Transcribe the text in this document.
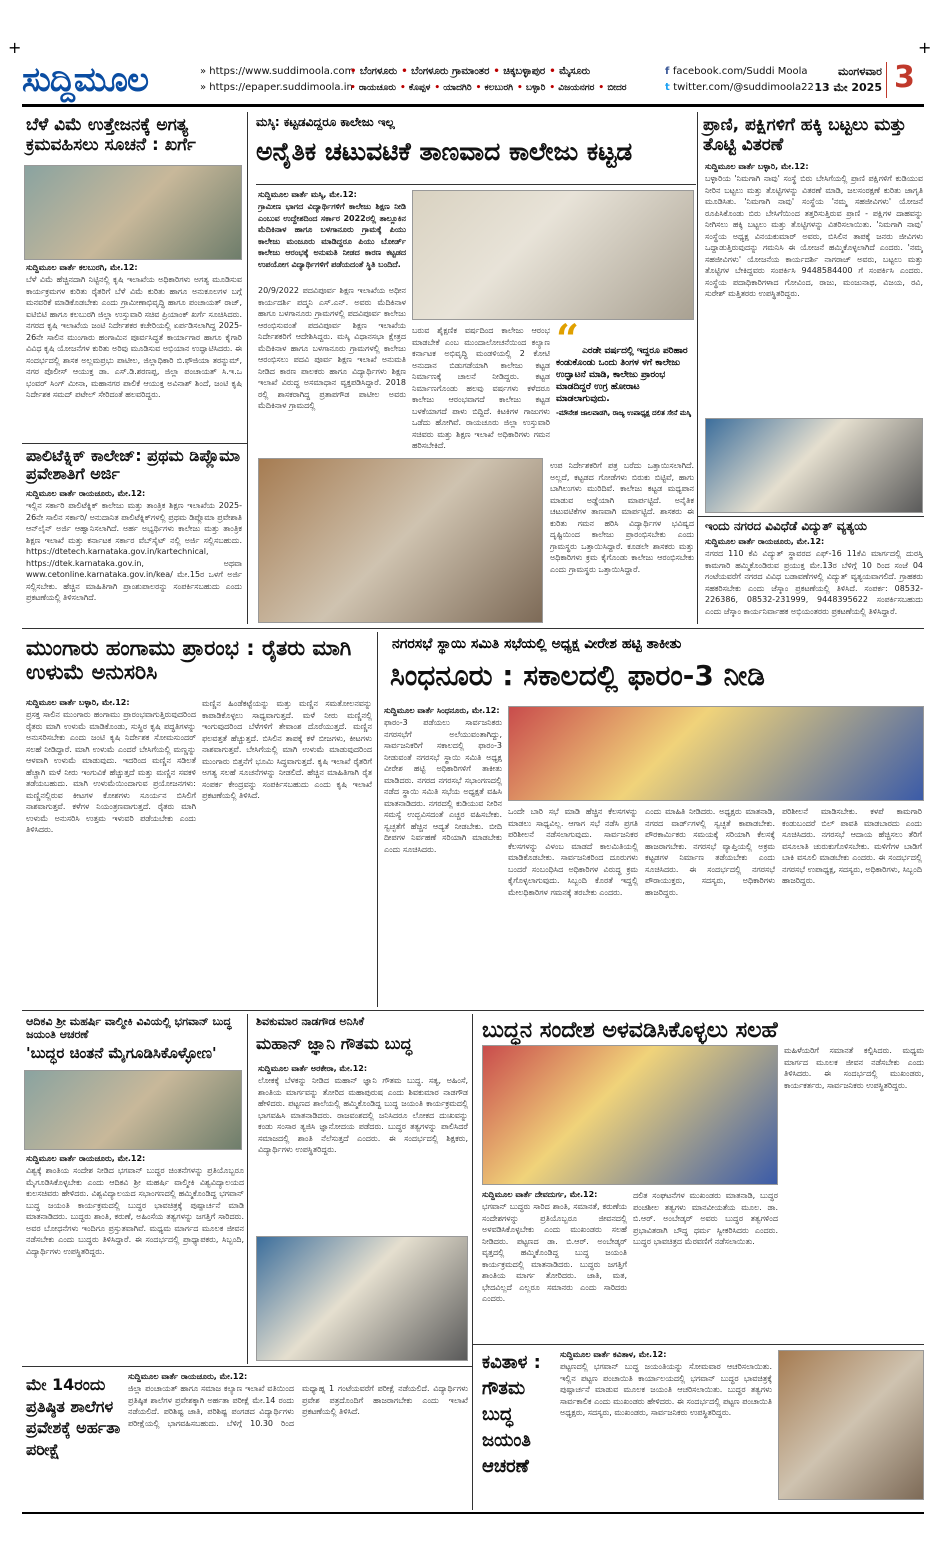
+	+
ಸುದ್ದಿಮೂಲ	» https://www.suddimoola.com
» https://epaper.suddimoola.in
• ಬೆಂಗಳೂರು • ಬೆಂಗಳೂರು ಗ್ರಾಮಾಂತರ • ಚಿಕ್ಕಬಳ್ಳಾಪುರ • ಮೈಸೂರು
• ರಾಯಚೂರು • ಕೊಪ್ಪಳ • ಯಾದಗಿರಿ • ಕಲಬುರಗಿ • ಬಳ್ಳಾರಿ • ವಿಜಯನಗರ • ಬೀದರ
f facebook.com/Suddi Moola
t twitter.com/@suddimoola22
ಮಂಗಳವಾರ
13 ಮೇ 2025 3
ಬೆಳೆ ವಿಮೆ ಉತ್ತೇಜನಕ್ಕೆ ಅಗತ್ಯ ಕ್ರಮವಹಿಸಲು ಸೂಚನೆ : ಖರ್ಗೆ
ಸುದ್ದಿಮೂಲ ವಾರ್ತೆ ಕಲಬುರಗಿ, ಮೇ.12:
ಬೆಳೆ ವಿಮೆ ಹೆಚ್ಚಿನದಾಗಿ ನಿಟ್ಟಿನಲ್ಲಿ ಕೃಷಿ ಇಲಾಖೆಯ ಅಧಿಕಾರಿಗಳು ಅಗತ್ಯ ಮೂಡಿಸುವ ಕಾರ್ಯಕ್ರಮಗಳ ಕುರಿತು ರೈತರಿಗೆ ಬೆಳೆ ವಿಮೆ ಕುರಿತು ಹಾಗೂ ಅನುಕೂಲಗಳ ಬಗ್ಗೆ ಮನವರಿಕೆ ಮಾಡಿಕೊಡಬೇಕು ಎಂದು ಗ್ರಾಮೀಣಾಭಿವೃದ್ಧಿ ಹಾಗೂ ಪಂಚಾಯತ್ ರಾಜ್, ಐಟಿಬಿಟಿ ಹಾಗೂ ಕಲಬುರಗಿ ಜಿಲ್ಲಾ ಉಸ್ತುವಾರಿ ಸಚಿವ ಪ್ರಿಯಾಂಕ್ ಖರ್ಗೆ ಸೂಚಿಸಿದರು. ನಗರದ ಕೃಷಿ ಇಲಾಖೆಯ ಜಂಟಿ ನಿರ್ದೇಶಕರ ಕಚೇರಿಯಲ್ಲಿ ಏರ್ಪಡಿಸಲಾಗಿದ್ದ 2025-26ನೇ ಸಾಲಿನ ಮುಂಗಾರು ಹಂಗಾಮಿನ ಪೂರ್ವಸಿದ್ಧತೆ ಕಾರ್ಯಾಗಾರ ಹಾಗೂ ಕೈಗಾರಿ ವಿವಿಧ ಕೃಷಿ ಯೋಜನೆಗಳ ಕುರಿತು ಅರಿವು ಮೂಡಿಸುವ ಅಭಿಯಾನ ಉದ್ಘಾಟಿಸಿದರು. ಈ ಸಂದರ್ಭದಲ್ಲಿ ಶಾಸಕ ಅಲ್ಲಮಪ್ರಭು ಪಾಟೀಲ, ಜಿಲ್ಲಾಧಿಕಾರಿ ಬಿ.ಫೌಜಿಯಾ ತರನ್ನುಮ್, ನಗರ ಪೊಲೀಸ್ ಆಯುಕ್ತ ಡಾ. ಎಸ್.ಡಿ.ಶರಣಪ್ಪ, ಜಿಲ್ಲಾ ಪಂಚಾಯತ್ ಸಿ.ಇ.ಒ ಭಂವರ್ ಸಿಂಗ್ ಮೀನಾ, ಮಹಾನಗರ ಪಾಲಿಕೆ ಆಯುಕ್ತ ಅವಿನಾಶ್ ಶಿಂದೆ, ಜಂಟಿ ಕೃಷಿ ನಿರ್ದೇಶಕ ಸಮದ್ ಪಟೇಲ್ ಸೇರಿದಂತೆ ಹಲವರಿದ್ದರು.
ಪಾಲಿಟೆಕ್ನಿಕ್ ಕಾಲೇಜ್: ಪ್ರಥಮ ಡಿಪ್ಲೊಮಾ ಪ್ರವೇಶಾತಿಗೆ ಅರ್ಜಿ
ಸುದ್ದಿಮೂಲ ವಾರ್ತೆ ರಾಯಚೂರು, ಮೇ.12:
ಇಲ್ಲಿನ ಸರ್ಕಾರಿ ಪಾಲಿಟೆಕ್ನಿಕ್ ಕಾಲೇಜು ಮತ್ತು ತಾಂತ್ರಿಕ ಶಿಕ್ಷಣ ಇಲಾಖೆಯ 2025-26ನೇ ಸಾಲಿನ ಸರ್ಕಾರಿ/ ಅನುದಾನಿತ ಪಾಲಿಟೆಕ್ನಿಕ್‌ಗಳಲ್ಲಿ ಪ್ರಥಮ ಡಿಪ್ಲೊಮಾ ಪ್ರವೇಶಾತಿ ಆನ್‌ಲೈನ್ ಅರ್ಜಿ ಆಹ್ವಾನಿಸಲಾಗಿದೆ. ಅರ್ಹ ಅಭ್ಯರ್ಥಿಗಳು ಕಾಲೇಜು ಮತ್ತು ತಾಂತ್ರಿಕ ಶಿಕ್ಷಣ ಇಲಾಖೆ ಮತ್ತು ಕರ್ನಾಟಕ ಸರ್ಕಾರ ವೆಬ್‌ಸೈಟ್‌ ನಲ್ಲಿ ಅರ್ಜಿ ಸಲ್ಲಿಸಬಹುದು. https://dtetech.karnataka.gov.in/kartechnical, https://dtek.karnataka.gov.in, ಅಥವಾ www.cetonline.karnataka.gov.in/kea/ ಮೇ.15ರ ಒಳಗೆ ಅರ್ಜಿ ಸಲ್ಲಿಸಬೇಕು. ಹೆಚ್ಚಿನ ಮಾಹಿತಿಗಾಗಿ ಪ್ರಾಂಶುಪಾಲರನ್ನು ಸಂಪರ್ಕಿಸಬಹುದು ಎಂದು ಪ್ರಕಟಣೆಯಲ್ಲಿ ತಿಳಿಸಲಾಗಿದೆ.
ಮಸ್ಕಿ: ಕಟ್ಟಡವಿದ್ದರೂ ಕಾಲೇಜು ಇಲ್ಲ
ಅನೈತಿಕ ಚಟುವಟಿಕೆ ತಾಣವಾದ ಕಾಲೇಜು ಕಟ್ಟಡ
ಸುದ್ದಿಮೂಲ ವಾರ್ತೆ ಮಸ್ಕಿ, ಮೇ.12:
ಗ್ರಾಮೀಣ ಭಾಗದ ವಿದ್ಯಾರ್ಥಿಗಳಿಗೆ ಕಾಲೇಜು ಶಿಕ್ಷಣ ನೀಡಿ ಎಂಬುವ ಉದ್ದೇಶದಿಂದ ಸರ್ಕಾರ 2022ರಲ್ಲಿ ತಾಲ್ಲೂಕಿನ ಮೆದಿಕಿನಾಳ ಹಾಗೂ ಬಳಗಾನೂರು ಗ್ರಾಮಕ್ಕೆ ಪಿಯು ಕಾಲೇಜು ಮಂಜೂರು ಮಾಡಿದ್ದರೂ ಪಿಯು ಬೋರ್ಡ್ ಕಾಲೇಜು ಆರಂಭಕ್ಕೆ ಅನುಮತಿ ನೀಡದ ಕಾರಣ ಕಟ್ಟಡದ ಉಪಯೋಗ ವಿದ್ಯಾರ್ಥಿಗಳಿಗೆ ಪಡೆಯದಂತೆ ಸ್ಥಿತಿ ಬಂದಿದೆ.
20/9/2022 ಪದವಿಪೂರ್ವ ಶಿಕ್ಷಣ ಇಲಾಖೆಯ ಅಧೀನ ಕಾರ್ಯದರ್ಶಿ ಪದ್ಮನಿ ಎಸ್.ಎನ್. ಅವರು ಮೆದಿಕಿನಾಳ ಹಾಗೂ ಬಳಗಾನೂರು ಗ್ರಾಮಗಳಲ್ಲಿ ಪದವಿಪೂರ್ವ ಕಾಲೇಜು ಆರಂಭಿಸುವಂತೆ ಪದವಿಪೂರ್ವ ಶಿಕ್ಷಣ ಇಲಾಖೆಯ ನಿರ್ದೇಶಕರಿಗೆ ಆದೇಶಿಸಿದ್ದರು. ಮಸ್ಕಿ ವಿಧಾನಸಭಾ ಕ್ಷೇತ್ರದ ಮೆದಿಕಿನಾಳ ಹಾಗೂ ಬಳಗಾನೂರು ಗ್ರಾಮಗಳಲ್ಲಿ ಕಾಲೇಜು ಆರಂಭಿಸಲು ಪದವಿ ಪೂರ್ವ ಶಿಕ್ಷಣ ಇಲಾಖೆ ಅನುಮತಿ ನೀಡಿದ ಕಾರಣ ಪಾಲಕರು ಹಾಗೂ ವಿದ್ಯಾರ್ಥಿಗಳು ಶಿಕ್ಷಣ ಇಲಾಖೆ ವಿರುದ್ಧ ಅಸಮಾಧಾನ ವ್ಯಕ್ತಪಡಿಸಿದ್ದಾರೆ. 2018 ರಲ್ಲಿ ಶಾಸಕರಾಗಿದ್ದ ಪ್ರತಾಪಗೌಡ ಪಾಟೀಲ ಅವರು ಮೆದಿಕಿನಾಳ ಗ್ರಾಮದಲ್ಲಿ
ಬರುವ ಶೈಕ್ಷಣಿಕ ವರ್ಷದಿಂದ ಕಾಲೇಜು ಆರಂಭ ಮಾಡಬೇಕೆ ಎಂಬ ಮುಂದಾಲೋಚನೆಯಿಂದ ಕಲ್ಯಾಣ ಕರ್ನಾಟಕ ಅಭಿವೃದ್ಧಿ ಮಂಡಳಿಯಲ್ಲಿ 2 ಕೋಟಿ ಅನುದಾನ ಬಿಡುಗಡೆಯಾಗಿ ಕಾಲೇಜು ಕಟ್ಟಡ ನಿರ್ಮಾಣಕ್ಕೆ ಚಾಲನೆ ನೀಡಿದ್ದರು. ಕಟ್ಟಡ ನಿರ್ಮಾಣಗೊಂಡು ಹಲವು ವರ್ಷಗಳು ಕಳೆದರೂ ಕಾಲೇಜು ಆರಂಭವಾಗದೆ ಕಾಲೇಜು ಕಟ್ಟಡ ಬಳಕೆಯಾಗದೆ ಪಾಳು ಬಿದ್ದಿದೆ. ಕಿಟಕಿಗಳ ಗಾಜುಗಳು ಒಡೆದು ಹೋಗಿವೆ. ರಾಯಚೂರು ಜಿಲ್ಲಾ ಉಸ್ತುವಾರಿ ಸಚಿವರು ಮತ್ತು ಶಿಕ್ಷಣ ಇಲಾಖೆ ಅಧಿಕಾರಿಗಳು ಗಮನ ಹರಿಸಬೇಕಿದೆ.
“ ಎರಡೇ ವರ್ಷದಲ್ಲಿ ಇದ್ದರೂ ಪರಿಹಾರ ಕಂಡುಕೊಂಡು ಒಂದು ತಿಂಗಳ ಳಗೆ ಕಾಲೇಜು ಉದ್ಘಾಟನೆ ಮಾಡಿ, ಕಾಲೇಜು ಪ್ರಾರಂಭ ಮಾಡದಿದ್ದರೆ ಉಗ್ರ ಹೋರಾಟ ಮಾಡಲಾಗುವುದು.
-ಮೌನೇಶ ಜಾಲವಾಡಗಿ, ರಾಜ್ಯ ಉಪಾಧ್ಯಕ್ಷ ದಲಿತ ಸೇನೆ ಮಸ್ಕಿ
ಉಪ ನಿರ್ದೇಶಕರಿಗೆ ಪತ್ರ ಬರೆದು ಒತ್ತಾಯಿಸಲಾಗಿದೆ. ಅಲ್ಲದೆ, ಕಟ್ಟಡದ ಗೋಡೆಗಳು ಬಿರುಕು ಬಿಟ್ಟಿವೆ, ಹಾಗು ಬಾಗಿಲುಗಳು ಮುರಿದಿವೆ. ಕಾಲೇಜು ಕಟ್ಟಡ ಮಧ್ಯಪಾನ ಮಾಡುವ ಅಡ್ಡೆಯಾಗಿ ಮಾರ್ಪಟ್ಟಿದೆ. ಅನೈತಿಕ ಚಟುವಟಿಕೆಗಳ ತಾಣವಾಗಿ ಮಾರ್ಪಟ್ಟಿದೆ. ಶಾಸಕರು ಈ ಕುರಿತು ಗಮನ ಹರಿಸಿ ವಿದ್ಯಾರ್ಥಿಗಳ ಭವಿಷ್ಯದ ದೃಷ್ಟಿಯಿಂದ ಕಾಲೇಜು ಪ್ರಾರಂಭಿಸಬೇಕು ಎಂದು ಗ್ರಾಮಸ್ಥರು ಒತ್ತಾಯಿಸಿದ್ದಾರೆ. ಕೂಡಲೇ ಶಾಸಕರು ಮತ್ತು ಅಧಿಕಾರಿಗಳು ಕ್ರಮ ಕೈಗೊಂಡು ಕಾಲೇಜು ಆರಂಭಿಸಬೇಕು ಎಂದು ಗ್ರಾಮಸ್ಥರು ಒತ್ತಾಯಿಸಿದ್ದಾರೆ.
ಪ್ರಾಣಿ, ಪಕ್ಷಿಗಳಿಗೆ ಹಕ್ಕಿ ಬಟ್ಟಲು ಮತ್ತು ತೊಟ್ಟಿ ವಿತರಣೆ
ಸುದ್ದಿಮೂಲ ವಾರ್ತೆ ಬಳ್ಳಾರಿ, ಮೇ.12:
ಬಳ್ಳಾರಿಯ 'ನಿಮಗಾಗಿ ನಾವು' ಸಂಸ್ಥೆ ಬಿರು ಬೇಸಿಗೆಯಲ್ಲಿ ಪ್ರಾಣಿ ಪಕ್ಷಿಗಳಿಗೆ ಕುಡಿಯುವ ನೀರಿನ ಬಟ್ಟಲು ಮತ್ತು ತೊಟ್ಟಿಗಳನ್ನು ವಿತರಣೆ ಮಾಡಿ, ಜಲಸಂರಕ್ಷಣೆ ಕುರಿತು ಜಾಗೃತಿ ಮೂಡಿಸಿತು. 'ನಿಮಗಾಗಿ ನಾವು' ಸಂಸ್ಥೆಯ 'ನಮ್ಮ ಸಹಜೀವಿಗಳು' ಯೋಜನೆ ರೂಪಿಸಿಕೊಂಡು ಬಿರು ಬೇಸಿಗೆಯಿಂದ ತತ್ತರಿಸುತ್ತಿರುವ ಪ್ರಾಣಿ - ಪಕ್ಷಿಗಳ ದಾಹವನ್ನು ನೀಗಿಸಲು ಹಕ್ಕಿ ಬಟ್ಟಲು ಮತ್ತು ತೊಟ್ಟಿಗಳನ್ನು ವಿತರಿಸಲಾಯಿತು. 'ನಿಮಗಾಗಿ ನಾವು' ಸಂಸ್ಥೆಯ ಅಧ್ಯಕ್ಷ ವಿನಯಕುಮಾರ್ ಅವರು, ಬಿಸಿಲಿನ ತಾಪಕ್ಕೆ ಜನರು ಜೀವಿಗಳು ಒದ್ದಾಡುತ್ತಿರುವುದನ್ನು ಗಮನಿಸಿ ಈ ಯೋಜನೆ ಹಮ್ಮಿಕೊಳ್ಳಲಾಗಿದೆ ಎಂದರು. 'ನಮ್ಮ ಸಹಜೀವಿಗಳು' ಯೋಜನೆಯ ಕಾರ್ಯದರ್ಶಿ ನಾಗರಾಜ್ ಅವರು, ಬಟ್ಟಲು ಮತ್ತು ತೊಟ್ಟಿಗಳ ಬೇಕಿದ್ದವರು ಸಂಪರ್ಕಿಸಿ 9448584400 ಗೆ ಸಂಪರ್ಕಿಸಿ ಎಂದರು. ಸಂಸ್ಥೆಯ ಪದಾಧಿಕಾರಿಗಳಾದ ಗೋವಿಂದ, ರಾಜು, ಮಂಜುನಾಥ, ವಿಜಯ, ರವಿ, ಸುರೇಶ್ ಮತ್ತಿತರರು ಉಪಸ್ಥಿತರಿದ್ದರು.
ಇಂದು ನಗರದ ವಿವಿಧೆಡೆ ವಿದ್ಯುತ್ ವ್ಯತ್ಯಯ
ಸುದ್ದಿಮೂಲ ವಾರ್ತೆ ರಾಯಚೂರು, ಮೇ.12:
ನಗರದ 110 ಕೆವಿ ವಿದ್ಯುತ್ ಸ್ಥಾವರದ ಎಫ್-16 11ಕೆವಿ ಮಾರ್ಗದಲ್ಲಿ ದುರಸ್ತಿ ಕಾಮಗಾರಿ ಹಮ್ಮಿಕೊಂಡಿರುವ ಪ್ರಯುಕ್ತ ಮೇ.13ರ ಬೆಳಿಗ್ಗೆ 10 ರಿಂದ ಸಂಜೆ 04 ಗಂಟೆಯವರೆಗೆ ನಗರದ ವಿವಿಧ ಬಡಾವಣೆಗಳಲ್ಲಿ ವಿದ್ಯುತ್ ವ್ಯತ್ಯಯವಾಗಲಿದೆ. ಗ್ರಾಹಕರು ಸಹಕರಿಸಬೇಕು ಎಂದು ಜೆಸ್ಕಾಂ ಪ್ರಕಟಣೆಯಲ್ಲಿ ತಿಳಿಸಿದೆ. ಸಂಪರ್ಕ: 08532-226386, 08532-231999, 9448395622 ಸಂಪರ್ಕಿಸಬಹುದು ಎಂದು ಜೆಸ್ಕಾಂ ಕಾರ್ಯನಿರ್ವಾಹಕ ಅಭಿಯಂತರರು ಪ್ರಕಟಣೆಯಲ್ಲಿ ತಿಳಿಸಿದ್ದಾರೆ.
ಮುಂಗಾರು ಹಂಗಾಮು ಪ್ರಾರಂಭ : ರೈತರು ಮಾಗಿ ಉಳುಮೆ ಅನುಸರಿಸಿ
ಸುದ್ದಿಮೂಲ ವಾರ್ತೆ ಬಳ್ಳಾರಿ, ಮೇ.12:
ಪ್ರಸಕ್ತ ಸಾಲಿನ ಮುಂಗಾರು ಹಂಗಾಮು ಪ್ರಾರಂಭವಾಗುತ್ತಿರುವುದರಿಂದ ರೈತರು ಮಾಗಿ ಉಳುಮೆ ಮಾಡಿಕೊಂಡು, ಸುಸ್ಥಿರ ಕೃಷಿ ಪದ್ಧತಿಗಳನ್ನು ಅನುಸರಿಸಬೇಕು ಎಂದು ಜಂಟಿ ಕೃಷಿ ನಿರ್ದೇಶಕ ಸೋಮಸುಂದರ್ ಸಲಹೆ ನೀಡಿದ್ದಾರೆ. ಮಾಗಿ ಉಳುಮೆ ಎಂದರೆ ಬೇಸಿಗೆಯಲ್ಲಿ ಮಣ್ಣನ್ನು ಆಳವಾಗಿ ಉಳುಮೆ ಮಾಡುವುದು. ಇದರಿಂದ ಮಣ್ಣಿನ ಸಡಿಲತೆ ಹೆಚ್ಚಾಗಿ ಮಳೆ ನೀರು ಇಂಗುವಿಕೆ ಹೆಚ್ಚುತ್ತದೆ ಮತ್ತು ಮಣ್ಣಿನ ಸವಕಳಿ ತಡೆಯಬಹುದು. ಮಾಗಿ ಉಳುಮೆಯಿಂದಾಗುವ ಪ್ರಯೋಜನಗಳು: ಮಣ್ಣಿನಲ್ಲಿರುವ ಕೀಟಗಳ ಕೋಶಗಳು ಸೂರ್ಯನ ಬಿಸಿಲಿಗೆ ನಾಶವಾಗುತ್ತವೆ. ಕಳೆಗಳ ನಿಯಂತ್ರಣವಾಗುತ್ತದೆ. ರೈತರು ಮಾಗಿ ಉಳುಮೆ ಅನುಸರಿಸಿ ಉತ್ತಮ ಇಳುವರಿ ಪಡೆಯಬೇಕು ಎಂದು ತಿಳಿಸಿದರು.
ಮಣ್ಣಿನ ಹಿಂಡೆಕಟ್ಟೆಯನ್ನು ಮತ್ತು ಮಣ್ಣಿನ ಸಮತೋಲನವನ್ನು ಕಾಪಾಡಿಕೊಳ್ಳಲು ಸಾಧ್ಯವಾಗುತ್ತದೆ. ಮಳೆ ನೀರು ಮಣ್ಣಿನಲ್ಲಿ ಇಂಗುವುದರಿಂದ ಬೆಳೆಗಳಿಗೆ ತೇವಾಂಶ ದೊರೆಯುತ್ತದೆ. ಮಣ್ಣಿನ ಫಲವತ್ತತೆ ಹೆಚ್ಚುತ್ತದೆ. ಬಿಸಿಲಿನ ತಾಪಕ್ಕೆ ಕಳೆ ಬೀಜಗಳು, ಕೀಟಗಳು ನಾಶವಾಗುತ್ತವೆ. ಬೇಸಿಗೆಯಲ್ಲಿ ಮಾಗಿ ಉಳುಮೆ ಮಾಡುವುದರಿಂದ ಮುಂಗಾರು ಬಿತ್ತನೆಗೆ ಭೂಮಿ ಸಿದ್ಧವಾಗುತ್ತದೆ. ಕೃಷಿ ಇಲಾಖೆ ರೈತರಿಗೆ ಅಗತ್ಯ ಸಲಹೆ ಸೂಚನೆಗಳನ್ನು ನೀಡಲಿದೆ. ಹೆಚ್ಚಿನ ಮಾಹಿತಿಗಾಗಿ ರೈತ ಸಂಪರ್ಕ ಕೇಂದ್ರವನ್ನು ಸಂಪರ್ಕಿಸಬಹುದು ಎಂದು ಕೃಷಿ ಇಲಾಖೆ ಪ್ರಕಟಣೆಯಲ್ಲಿ ತಿಳಿಸಿದೆ.
ನಗರಸಭೆ ಸ್ಥಾಯಿ ಸಮಿತಿ ಸಭೆಯಲ್ಲಿ ಅಧ್ಯಕ್ಷ ವೀರೇಶ ಹಟ್ಟಿ ತಾಕೀತು
ಸಿಂಧನೂರು : ಸಕಾಲದಲ್ಲಿ ಫಾರಂ-3 ನೀಡಿ
ಸುದ್ದಿಮೂಲ ವಾರ್ತೆ ಸಿಂಧನೂರು, ಮೇ.12:
ಫಾರಂ-3 ಪಡೆಯಲು ಸಾರ್ವಜನಿಕರು ನಗರಸಭೆಗೆ ಅಲೆಯುವಂತಾಗಿದ್ದು, ಸಾರ್ವಜನಿಕರಿಗೆ ಸಕಾಲದಲ್ಲಿ ಫಾರಂ-3 ನೀಡುವಂತೆ ನಗರಸಭೆ ಸ್ಥಾಯಿ ಸಮಿತಿ ಅಧ್ಯಕ್ಷ ವೀರೇಶ ಹಟ್ಟಿ ಅಧಿಕಾರಿಗಳಿಗೆ ತಾಕೀತು ಮಾಡಿದರು. ನಗರದ ನಗರಸಭೆ ಸಭಾಂಗಣದಲ್ಲಿ ನಡೆದ ಸ್ಥಾಯಿ ಸಮಿತಿ ಸಭೆಯ ಅಧ್ಯಕ್ಷತೆ ವಹಿಸಿ ಮಾತನಾಡಿದರು. ನಗರದಲ್ಲಿ ಕುಡಿಯುವ ನೀರಿನ ಸಮಸ್ಯೆ ಉದ್ಭವಿಸದಂತೆ ಎಚ್ಚರ ವಹಿಸಬೇಕು. ಸ್ವಚ್ಛತೆಗೆ ಹೆಚ್ಚಿನ ಆದ್ಯತೆ ನೀಡಬೇಕು. ಬೀದಿ ದೀಪಗಳ ನಿರ್ವಹಣೆ ಸರಿಯಾಗಿ ಮಾಡಬೇಕು ಎಂದು ಸೂಚಿಸಿದರು.
ಒಂದೇ ಬಾರಿ ಸಭೆ ಮಾಡಿ ಹೆಚ್ಚಿನ ಕೆಲಸಗಳನ್ನು ಮಾಡಲು ಸಾಧ್ಯವಿಲ್ಲ. ಆಗಾಗ ಸಭೆ ನಡೆಸಿ ಪ್ರಗತಿ ಪರಿಶೀಲನೆ ನಡೆಸಲಾಗುವುದು. ಸಾರ್ವಜನಿಕರ ಕೆಲಸಗಳನ್ನು ವಿಳಂಬ ಮಾಡದೆ ಕಾಲಮಿತಿಯಲ್ಲಿ ಮಾಡಿಕೊಡಬೇಕು. ಸಾರ್ವಜನಿಕರಿಂದ ದೂರುಗಳು ಬಂದರೆ ಸಂಬಂಧಿಸಿದ ಅಧಿಕಾರಿಗಳ ವಿರುದ್ಧ ಕ್ರಮ ಕೈಗೊಳ್ಳಲಾಗುವುದು. ಸಿಬ್ಬಂದಿ ಕೊರತೆ ಇದ್ದಲ್ಲಿ ಮೇಲಧಿಕಾರಿಗಳ ಗಮನಕ್ಕೆ ತರಬೇಕು ಎಂದರು.
ಎಂದು ಮಾಹಿತಿ ನೀಡಿದರು. ಅಧ್ಯಕ್ಷರು ಮಾತನಾಡಿ, ನಗರದ ವಾರ್ಡ್‌ಗಳಲ್ಲಿ ಸ್ವಚ್ಛತೆ ಕಾಪಾಡಬೇಕು. ಪೌರಕಾರ್ಮಿಕರು ಸಮಯಕ್ಕೆ ಸರಿಯಾಗಿ ಕೆಲಸಕ್ಕೆ ಹಾಜರಾಗಬೇಕು. ನಗರಸಭೆ ವ್ಯಾಪ್ತಿಯಲ್ಲಿ ಅಕ್ರಮ ಕಟ್ಟಡಗಳ ನಿರ್ಮಾಣ ತಡೆಯಬೇಕು ಎಂದು ಸೂಚಿಸಿದರು. ಈ ಸಂದರ್ಭದಲ್ಲಿ ನಗರಸಭೆ ಪೌರಾಯುಕ್ತರು, ಸದಸ್ಯರು, ಅಧಿಕಾರಿಗಳು ಹಾಜರಿದ್ದರು.
ಪರಿಶೀಲನೆ ಮಾಡಿಸಬೇಕು. ಕಳಪೆ ಕಾಮಗಾರಿ ಕಂಡುಬಂದರೆ ಬಿಲ್ ಪಾವತಿ ಮಾಡಬಾರದು ಎಂದು ಸೂಚಿಸಿದರು. ನಗರಸಭೆ ಆದಾಯ ಹೆಚ್ಚಿಸಲು ತೆರಿಗೆ ವಸೂಲಾತಿ ಚುರುಕುಗೊಳಿಸಬೇಕು. ಮಳಿಗೆಗಳ ಬಾಡಿಗೆ ಬಾಕಿ ವಸೂಲಿ ಮಾಡಬೇಕು ಎಂದರು. ಈ ಸಂದರ್ಭದಲ್ಲಿ ನಗರಸಭೆ ಉಪಾಧ್ಯಕ್ಷ, ಸದಸ್ಯರು, ಅಧಿಕಾರಿಗಳು, ಸಿಬ್ಬಂದಿ ಹಾಜರಿದ್ದರು.
ಆದಿಕವಿ ಶ್ರೀ ಮಹರ್ಷಿ ವಾಲ್ಮೀಕಿ ವಿವಿಯಲ್ಲಿ ಭಗವಾನ್ ಬುದ್ಧ ಜಯಂತಿ ಆಚರಣೆ
'ಬುದ್ಧರ ಚಿಂತನೆ ಮೈಗೂಡಿಸಿಕೊಳ್ಳೋಣ'
ಸುದ್ದಿಮೂಲ ವಾರ್ತೆ ರಾಯಚೂರು, ಮೇ.12:
ವಿಶ್ವಕ್ಕೆ ಶಾಂತಿಯ ಸಂದೇಶ ನೀಡಿದ ಭಗವಾನ್ ಬುದ್ಧರ ಚಿಂತನೆಗಳನ್ನು ಪ್ರತಿಯೊಬ್ಬರೂ ಮೈಗೂಡಿಸಿಕೊಳ್ಳಬೇಕು ಎಂದು ಆದಿಕವಿ ಶ್ರೀ ಮಹರ್ಷಿ ವಾಲ್ಮೀಕಿ ವಿಶ್ವವಿದ್ಯಾಲಯದ ಕುಲಸಚಿವರು ಹೇಳಿದರು. ವಿಶ್ವವಿದ್ಯಾಲಯದ ಸಭಾಂಗಣದಲ್ಲಿ ಹಮ್ಮಿಕೊಂಡಿದ್ದ ಭಗವಾನ್ ಬುದ್ಧ ಜಯಂತಿ ಕಾರ್ಯಕ್ರಮದಲ್ಲಿ ಬುದ್ಧರ ಭಾವಚಿತ್ರಕ್ಕೆ ಪುಷ್ಪಾರ್ಚನೆ ಮಾಡಿ ಮಾತನಾಡಿದರು. ಬುದ್ಧರು ಶಾಂತಿ, ಕರುಣೆ, ಅಹಿಂಸೆಯ ತತ್ವಗಳನ್ನು ಜಗತ್ತಿಗೆ ಸಾರಿದರು. ಅವರ ಬೋಧನೆಗಳು ಇಂದಿಗೂ ಪ್ರಸ್ತುತವಾಗಿವೆ. ಮಧ್ಯಮ ಮಾರ್ಗದ ಮೂಲಕ ಜೀವನ ನಡೆಸಬೇಕು ಎಂದು ಬುದ್ಧರು ತಿಳಿಸಿದ್ದಾರೆ. ಈ ಸಂದರ್ಭದಲ್ಲಿ ಪ್ರಾಧ್ಯಾಪಕರು, ಸಿಬ್ಬಂದಿ, ವಿದ್ಯಾರ್ಥಿಗಳು ಉಪಸ್ಥಿತರಿದ್ದರು.
ಶಿವಕುಮಾರ ನಾಡಗೌಡ ಅನಿಸಿಕೆ
ಮಹಾನ್ ಜ್ಞಾನಿ ಗೌತಮ ಬುದ್ಧ
ಸುದ್ದಿಮೂಲ ವಾರ್ತೆ ಅರಕೇರಾ, ಮೇ.12:
ಲೋಕಕ್ಕೆ ಬೆಳಕನ್ನು ನೀಡಿದ ಮಹಾನ್ ಜ್ಞಾನಿ ಗೌತಮ ಬುದ್ಧ. ಸತ್ಯ, ಅಹಿಂಸೆ, ಶಾಂತಿಯ ಮಾರ್ಗವನ್ನು ತೋರಿದ ಮಹಾಪುರುಷ ಎಂದು ಶಿವಕುಮಾರ ನಾಡಗೌಡ ಹೇಳಿದರು. ಪಟ್ಟಣದ ಶಾಲೆಯಲ್ಲಿ ಹಮ್ಮಿಕೊಂಡಿದ್ದ ಬುದ್ಧ ಜಯಂತಿ ಕಾರ್ಯಕ್ರಮದಲ್ಲಿ ಭಾಗವಹಿಸಿ ಮಾತನಾಡಿದರು. ರಾಜವಂಶದಲ್ಲಿ ಜನಿಸಿದರೂ ಲೋಕದ ದುಃಖವನ್ನು ಕಂಡು ಸಂಸಾರ ತ್ಯಜಿಸಿ ಜ್ಞಾನೋದಯ ಪಡೆದರು. ಬುದ್ಧರ ತತ್ವಗಳನ್ನು ಪಾಲಿಸಿದರೆ ಸಮಾಜದಲ್ಲಿ ಶಾಂತಿ ನೆಲೆಸುತ್ತದೆ ಎಂದರು. ಈ ಸಂದರ್ಭದಲ್ಲಿ ಶಿಕ್ಷಕರು, ವಿದ್ಯಾರ್ಥಿಗಳು ಉಪಸ್ಥಿತರಿದ್ದರು.
ಬುದ್ಧನ ಸಂದೇಶ ಅಳವಡಿಸಿಕೊಳ್ಳಲು ಸಲಹೆ
ಮಹಿಳೆಯರಿಗೆ ಸಮಾನತೆ ಕಲ್ಪಿಸಿದರು. ಮಧ್ಯಮ ಮಾರ್ಗದ ಮೂಲಕ ಜೀವನ ನಡೆಸಬೇಕು ಎಂದು ತಿಳಿಸಿದರು. ಈ ಸಂದರ್ಭದಲ್ಲಿ ಮುಖಂಡರು, ಕಾರ್ಯಕರ್ತರು, ಸಾರ್ವಜನಿಕರು ಉಪಸ್ಥಿತರಿದ್ದರು.
ಸುದ್ದಿಮೂಲ ವಾರ್ತೆ ದೇವದುರ್ಗ, ಮೇ.12:
ಭಗವಾನ್ ಬುದ್ಧರು ಸಾರಿದ ಶಾಂತಿ, ಸಮಾನತೆ, ಕರುಣೆಯ ಸಂದೇಶಗಳನ್ನು ಪ್ರತಿಯೊಬ್ಬರೂ ಜೀವನದಲ್ಲಿ ಅಳವಡಿಸಿಕೊಳ್ಳಬೇಕು ಎಂದು ಮುಖಂಡರು ಸಲಹೆ ನೀಡಿದರು. ಪಟ್ಟಣದ ಡಾ. ಬಿ.ಆರ್. ಅಂಬೇಡ್ಕರ್ ವೃತ್ತದಲ್ಲಿ ಹಮ್ಮಿಕೊಂಡಿದ್ದ ಬುದ್ಧ ಜಯಂತಿ ಕಾರ್ಯಕ್ರಮದಲ್ಲಿ ಮಾತನಾಡಿದರು. ಬುದ್ಧರು ಜಗತ್ತಿಗೆ ಶಾಂತಿಯ ಮಾರ್ಗ ತೋರಿದರು. ಜಾತಿ, ಮತ, ಭೇದವಿಲ್ಲದೆ ಎಲ್ಲರೂ ಸಮಾನರು ಎಂದು ಸಾರಿದರು ಎಂದರು.
ದಲಿತ ಸಂಘಟನೆಗಳ ಮುಖಂಡರು ಮಾತನಾಡಿ, ಬುದ್ಧರ ಪಂಚಶೀಲ ತತ್ವಗಳು ಮಾನವೀಯತೆಯ ಮೂಲ. ಡಾ. ಬಿ.ಆರ್. ಅಂಬೇಡ್ಕರ್ ಅವರು ಬುದ್ಧರ ತತ್ವಗಳಿಂದ ಪ್ರಭಾವಿತರಾಗಿ ಬೌದ್ಧ ಧರ್ಮ ಸ್ವೀಕರಿಸಿದರು ಎಂದರು. ಬುದ್ಧರ ಭಾವಚಿತ್ರದ ಮೆರವಣಿಗೆ ನಡೆಸಲಾಯಿತು.
ಮೇ 14ರಂದು ಪ್ರತಿಷ್ಠಿತ ಶಾಲೆಗಳ ಪ್ರವೇಶಕ್ಕೆ ಅರ್ಹತಾ ಪರೀಕ್ಷೆ
ಸುದ್ದಿಮೂಲ ವಾರ್ತೆ ರಾಯಚೂರು, ಮೇ.12:
ಜಿಲ್ಲಾ ಪಂಚಾಯತ್ ಹಾಗೂ ಸಮಾಜ ಕಲ್ಯಾಣ ಇಲಾಖೆ ವತಿಯಿಂದ ಪ್ರತಿಷ್ಠಿತ ಶಾಲೆಗಳ ಪ್ರವೇಶಕ್ಕಾಗಿ ಅರ್ಹತಾ ಪರೀಕ್ಷೆ ಮೇ.14 ರಂದು ನಡೆಯಲಿದೆ. ಪರಿಶಿಷ್ಟ ಜಾತಿ, ಪರಿಶಿಷ್ಟ ಪಂಗಡದ ವಿದ್ಯಾರ್ಥಿಗಳು ಪರೀಕ್ಷೆಯಲ್ಲಿ ಭಾಗವಹಿಸಬಹುದು. ಬೆಳಿಗ್ಗೆ 10.30 ರಿಂದ ಮಧ್ಯಾಹ್ನ 1 ಗಂಟೆಯವರೆಗೆ ಪರೀಕ್ಷೆ ನಡೆಯಲಿದೆ. ವಿದ್ಯಾರ್ಥಿಗಳು ಪ್ರವೇಶ ಪತ್ರದೊಂದಿಗೆ ಹಾಜರಾಗಬೇಕು ಎಂದು ಇಲಾಖೆ ಪ್ರಕಟಣೆಯಲ್ಲಿ ತಿಳಿಸಿದೆ.
ಕವಿತಾಳ : ಗೌತಮ ಬುದ್ಧ ಜಯಂತಿ ಆಚರಣೆ
ಸುದ್ದಿಮೂಲ ವಾರ್ತೆ ಕವಿತಾಳ, ಮೇ.12:
ಪಟ್ಟಣದಲ್ಲಿ ಭಗವಾನ್ ಬುದ್ಧ ಜಯಂತಿಯನ್ನು ಸೋಮವಾರ ಆಚರಿಸಲಾಯಿತು. ಇಲ್ಲಿನ ಪಟ್ಟಣ ಪಂಚಾಯಿತಿ ಕಾರ್ಯಾಲಯದಲ್ಲಿ ಭಗವಾನ್ ಬುದ್ಧರ ಭಾವಚಿತ್ರಕ್ಕೆ ಪುಷ್ಪಾರ್ಚನೆ ಮಾಡುವ ಮೂಲಕ ಜಯಂತಿ ಆಚರಿಸಲಾಯಿತು. ಬುದ್ಧರ ತತ್ವಗಳು ಸಾರ್ವಕಾಲಿಕ ಎಂದು ಮುಖಂಡರು ಹೇಳಿದರು. ಈ ಸಂದರ್ಭದಲ್ಲಿ ಪಟ್ಟಣ ಪಂಚಾಯಿತಿ ಅಧ್ಯಕ್ಷರು, ಸದಸ್ಯರು, ಮುಖಂಡರು, ಸಾರ್ವಜನಿಕರು ಉಪಸ್ಥಿತರಿದ್ದರು.
